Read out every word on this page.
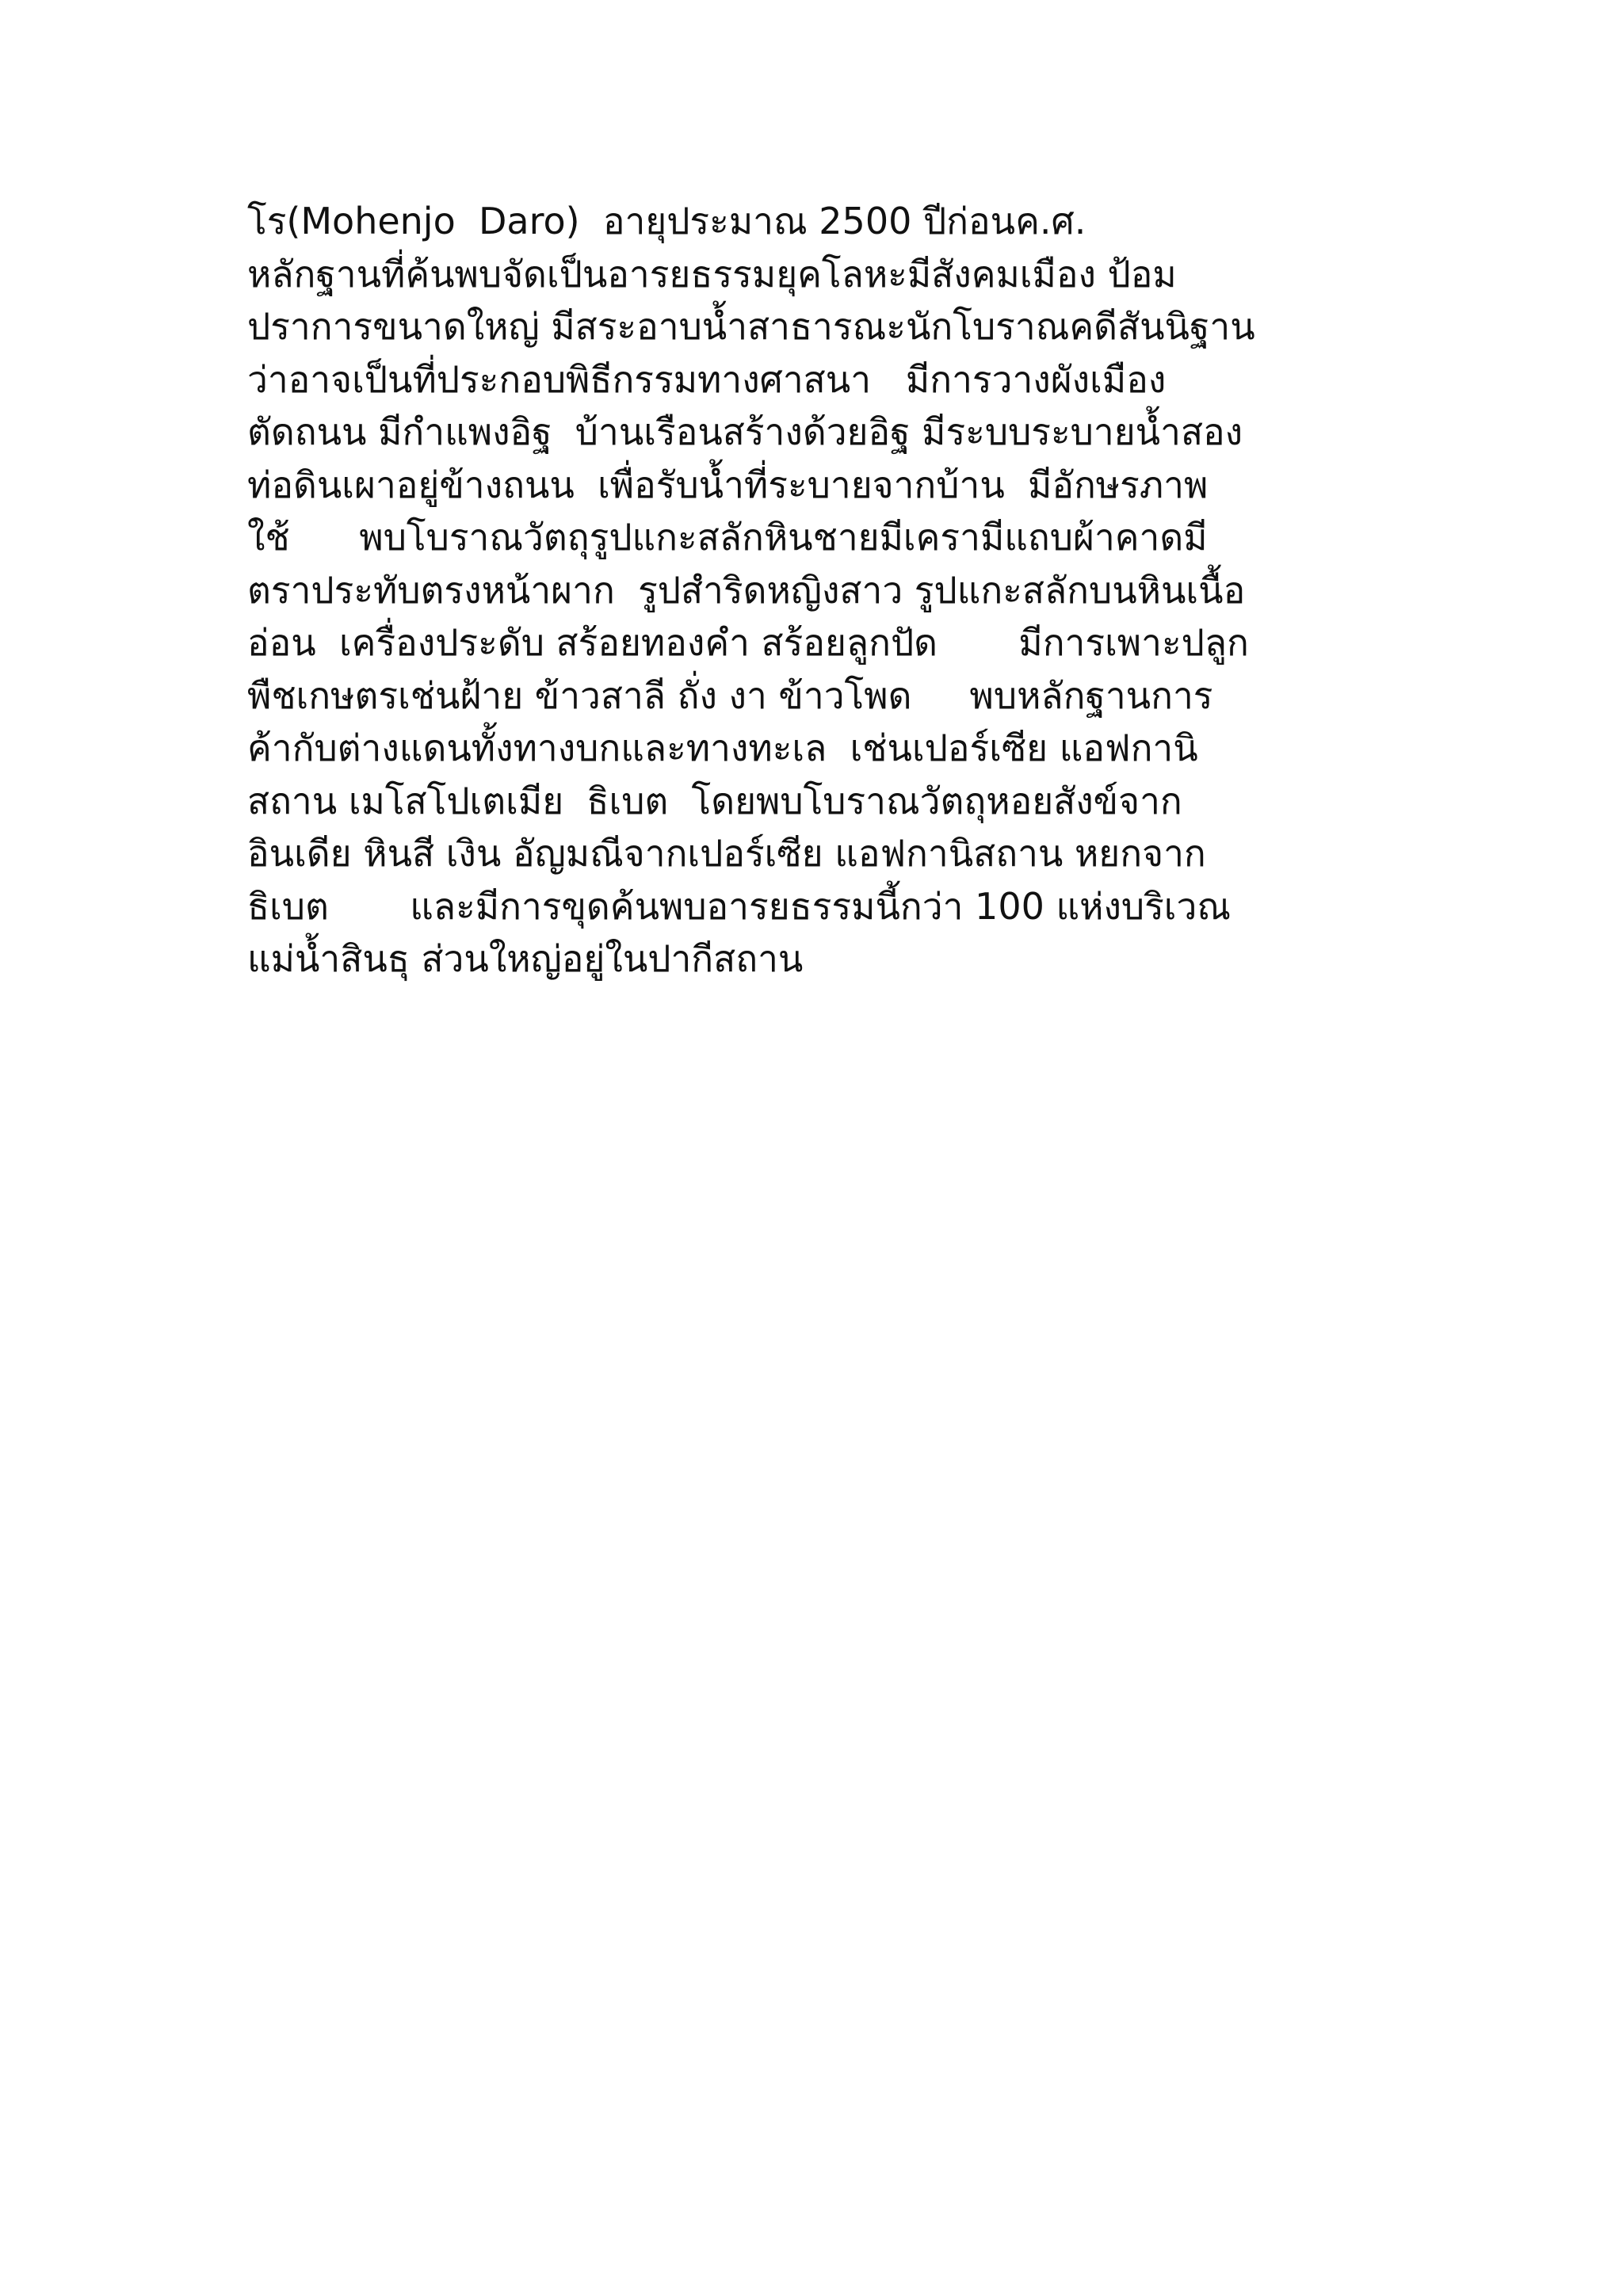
โร(Mohenjo  Daro)  อายุประมาณ 2500 ปีก่อนค.ศ.
หลักฐานที่ค้นพบจัดเป็นอารยธรรมยุคโลหะมีสังคมเมือง ป้อม
ปราการขนาดใหญ่ มีสระอาบน้ำสาธารณะนักโบราณคดีสันนิฐาน
ว่าอาจเป็นที่ประกอบพิธีกรรมทางศาสนา   มีการวางผังเมือง
ตัดถนน มีกำแพงอิฐ  บ้านเรือนสร้างด้วยอิฐ มีระบบระบายน้ำสอง
ท่อดินเผาอยู่ข้างถนน  เพื่อรับน้ำที่ระบายจากบ้าน  มีอักษรภาพ
ใช้      พบโบราณวัตถุรูปแกะสลักหินชายมีเครามีแถบผ้าคาดมี
ตราประทับตรงหน้าผาก  รูปสำริดหญิงสาว รูปแกะสลักบนหินเนื้อ
อ่อน  เครื่องประดับ สร้อยทองคำ สร้อยลูกปัด       มีการเพาะปลูก
พืชเกษตรเช่นฝ้าย ข้าวสาลี ถั่ง งา ข้าวโพด     พบหลักฐานการ
ค้ากับต่างแดนทั้งทางบกและทางทะเล  เช่นเปอร์เซีย แอฟกานิ
สถาน เมโสโปเตเมีย  ธิเบต  โดยพบโบราณวัตถุหอยสังข์จาก
อินเดีย หินสี เงิน อัญมณีจากเปอร์เซีย แอฟกานิสถาน หยกจาก
ธิเบต       และมีการขุดค้นพบอารยธรรมนี้กว่า 100 แห่งบริเวณ
แม่น้ำสินธุ ส่วนใหญ่อยู่ในปากีสถาน
